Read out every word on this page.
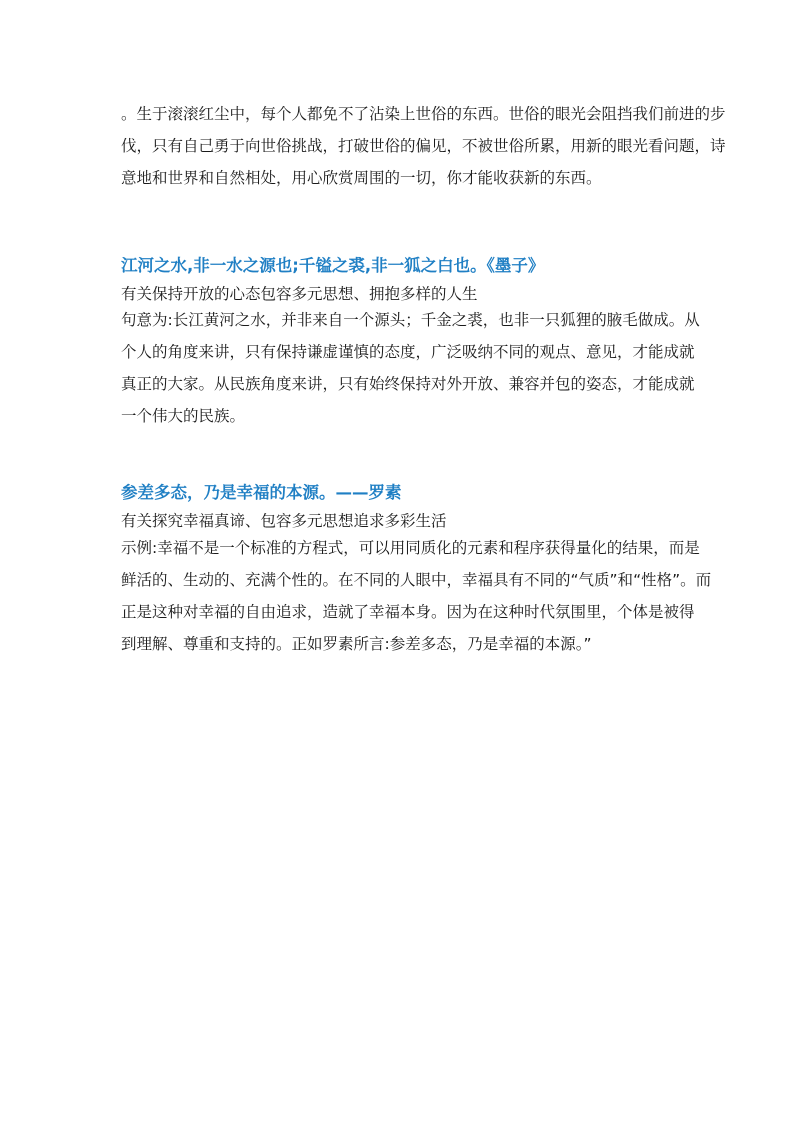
。生于滚滚红尘中，每个人都免不了沾染上世俗的东西。世俗的眼光会阻挡我们前进的步
伐，只有自己勇于向世俗挑战，打破世俗的偏见，不被世俗所累，用新的眼光看问题，诗
意地和世界和自然相处，用心欣赏周围的一切，你才能收获新的东西。
江河之水,非一水之源也;千镒之裘,非一狐之白也。《墨子》

有关保持开放的心态包容多元思想、拥抱多样的人生

句意为:长江黄河之水，并非来自一个源头；千金之裘，也非一只狐狸的腋毛做成。从
个人的角度来讲，只有保持谦虚谨慎的态度，广泛吸纳不同的观点、意见，才能成就
真正的大家。从民族角度来讲，只有始终保持对外开放、兼容并包的姿态，才能成就
一个伟大的民族。
参差多态，乃是幸福的本源。——罗素

有关探究幸福真谛、包容多元思想追求多彩生活

示例:幸福不是一个标准的方程式，可以用同质化的元素和程序获得量化的结果，而是
鲜活的、生动的、充满个性的。在不同的人眼中，幸福具有不同的“气质”和“性格”。而
正是这种对幸福的自由追求，造就了幸福本身。因为在这种时代氛围里，个体是被得
到理解、尊重和支持的。正如罗素所言:参差多态，乃是幸福的本源。”
